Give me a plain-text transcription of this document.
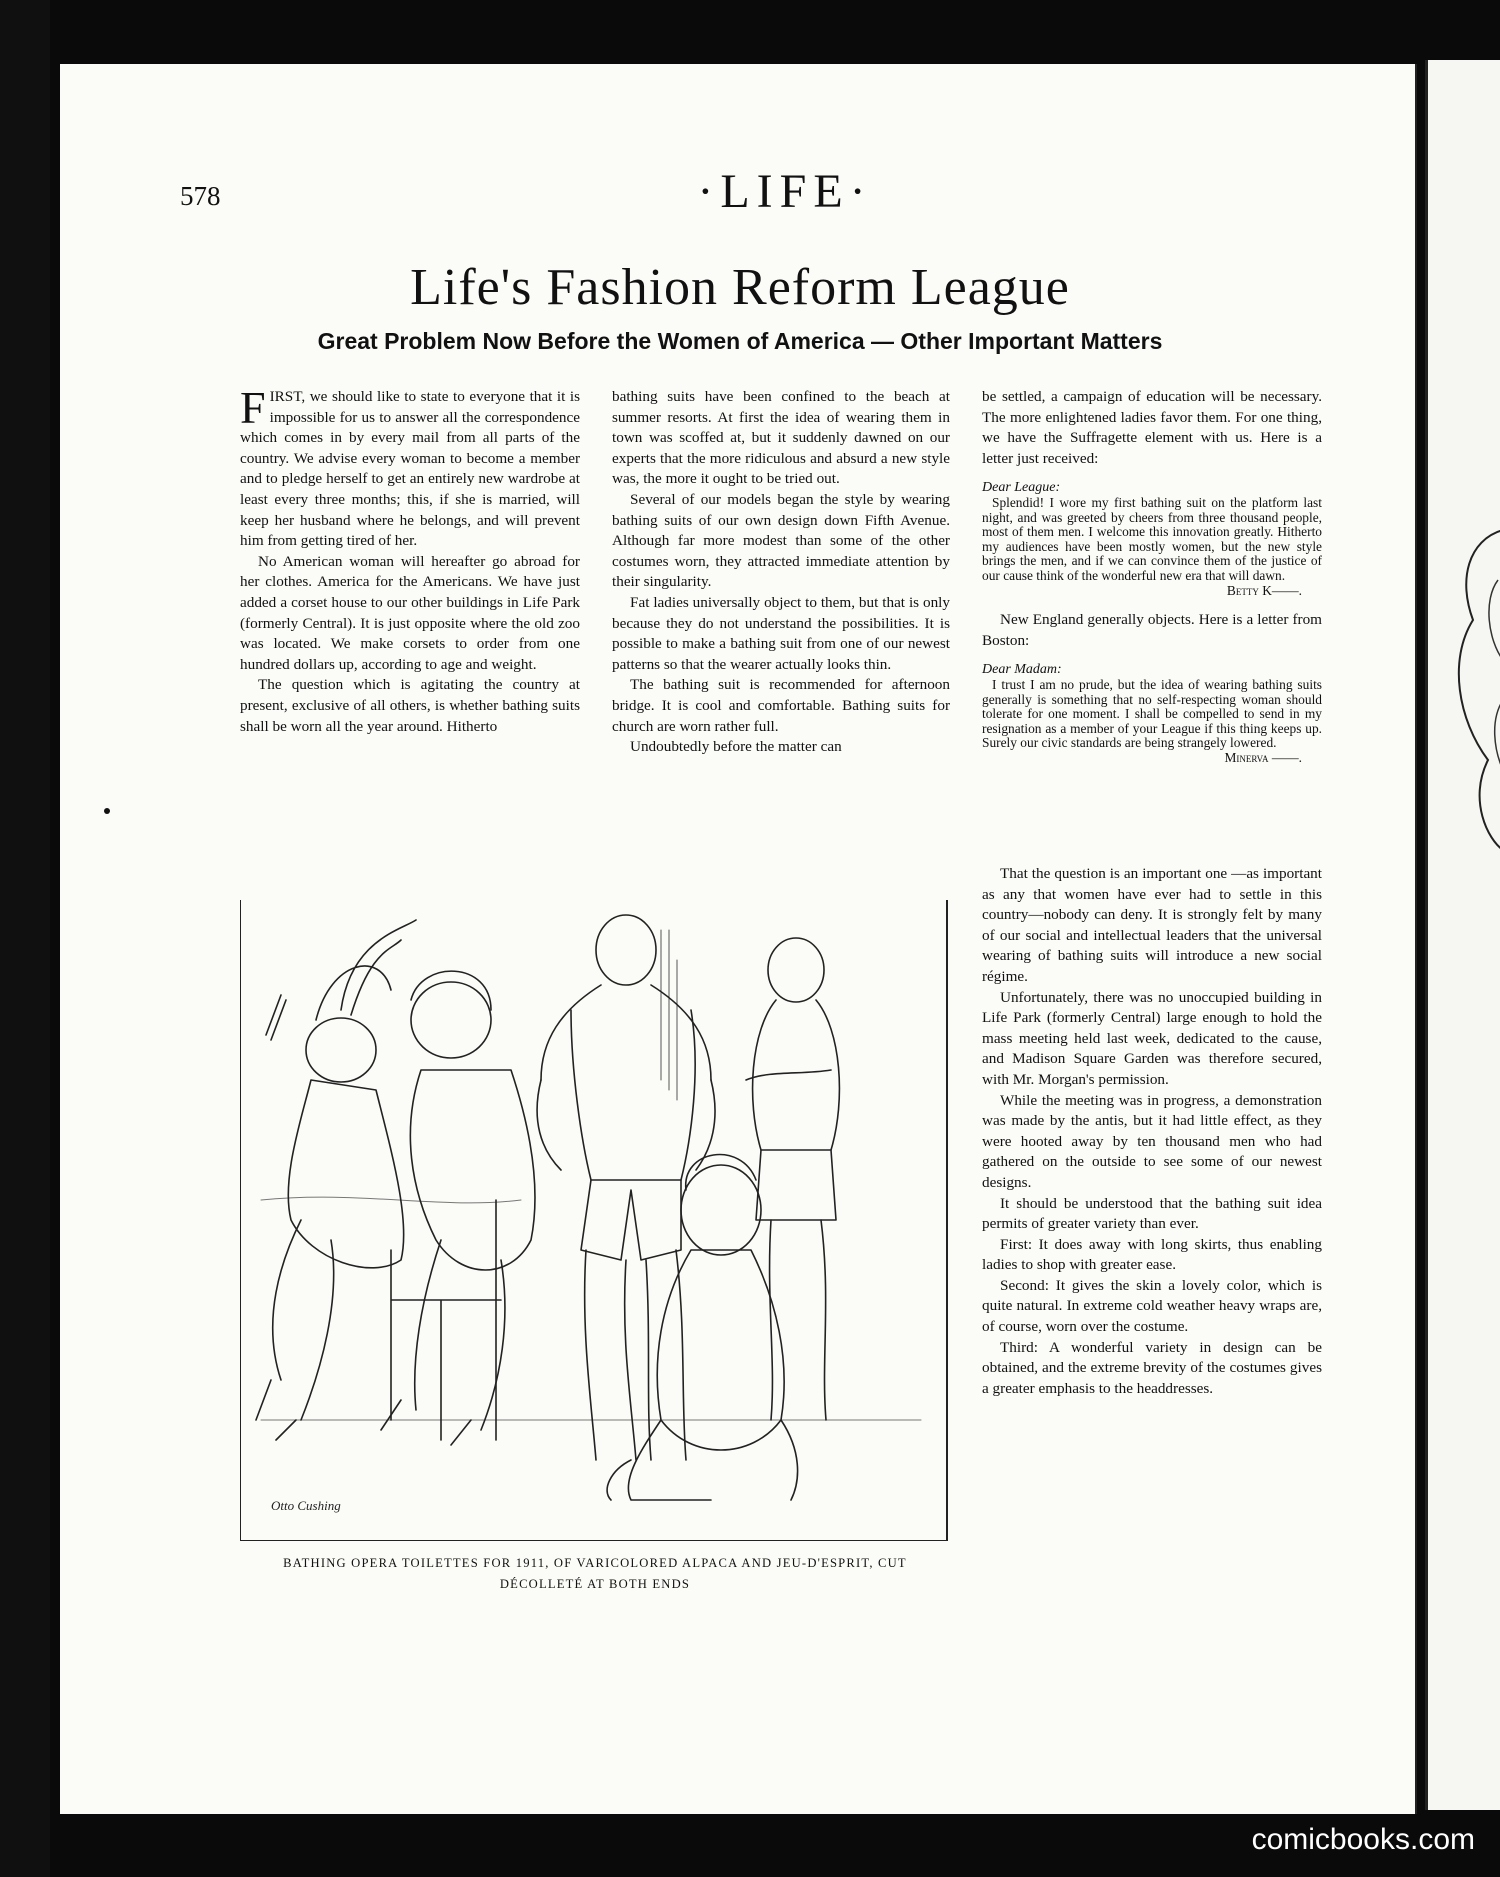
578	·LIFE·
Life's Fashion Reform League
Great Problem Now Before the Women of America — Other Important Matters

FIRST, we should like to state to everyone that it is impossible for us to answer all the correspondence which comes in by every mail from all parts of the country. We advise every woman to become a member and to pledge herself to get an entirely new wardrobe at least every three months; this, if she is married, will keep her husband where he belongs, and will prevent him from getting tired of her.

No American woman will hereafter go abroad for her clothes. America for the Americans. We have just added a corset house to our other buildings in Life Park (formerly Central). It is just opposite where the old zoo was located. We make corsets to order from one hundred dollars up, according to age and weight.

The question which is agitating the country at present, exclusive of all others, is whether bathing suits shall be worn all the year around. Hitherto

bathing suits have been confined to the beach at summer resorts. At first the idea of wearing them in town was scoffed at, but it suddenly dawned on our experts that the more ridiculous and absurd a new style was, the more it ought to be tried out.

Several of our models began the style by wearing bathing suits of our own design down Fifth Avenue. Although far more modest than some of the other costumes worn, they attracted immediate attention by their singularity.

Fat ladies universally object to them, but that is only because they do not understand the possibilities. It is possible to make a bathing suit from one of our newest patterns so that the wearer actually looks thin.

The bathing suit is recommended for afternoon bridge. It is cool and comfortable. Bathing suits for church are worn rather full.

Undoubtedly before the matter can

be settled, a campaign of education will be necessary. The more enlightened ladies favor them. For one thing, we have the Suffragette element with us. Here is a letter just received:

Dear League:
Splendid! I wore my first bathing suit on the platform last night, and was greeted by cheers from three thousand people, most of them men. I welcome this innovation greatly. Hitherto my audiences have been mostly women, but the new style brings the men, and if we can convince them of the justice of our cause think of the wonderful new era that will dawn.
Betty K——.

New England generally objects. Here is a letter from Boston:

Dear Madam:
I trust I am no prude, but the idea of wearing bathing suits generally is something that no self-respecting woman should tolerate for one moment. I shall be compelled to send in my resignation as a member of your League if this thing keeps up. Surely our civic standards are being strangely lowered.
Minerva ——.

That the question is an important one —as important as any that women have ever had to settle in this country—nobody can deny. It is strongly felt by many of our social and intellectual leaders that the universal wearing of bathing suits will introduce a new social régime.

Unfortunately, there was no unoccupied building in Life Park (formerly Central) large enough to hold the mass meeting held last week, dedicated to the cause, and Madison Square Garden was therefore secured, with Mr. Morgan's permission.

While the meeting was in progress, a demonstration was made by the antis, but it had little effect, as they were hooted away by ten thousand men who had gathered on the outside to see some of our newest designs.

It should be understood that the bathing suit idea permits of greater variety than ever.

First: It does away with long skirts, thus enabling ladies to shop with greater ease.

Second: It gives the skin a lovely color, which is quite natural. In extreme cold weather heavy wraps are, of course, worn over the costume.

Third: A wonderful variety in design can be obtained, and the extreme brevity of the costumes gives a greater emphasis to the headdresses.

Otto Cushing
BATHING OPERA TOILETTES FOR 1911, OF VARICOLORED ALPACA AND JEU-D'ESPRIT, CUT
DÉCOLLETÉ AT BOTH ENDS
comicbooks.com
